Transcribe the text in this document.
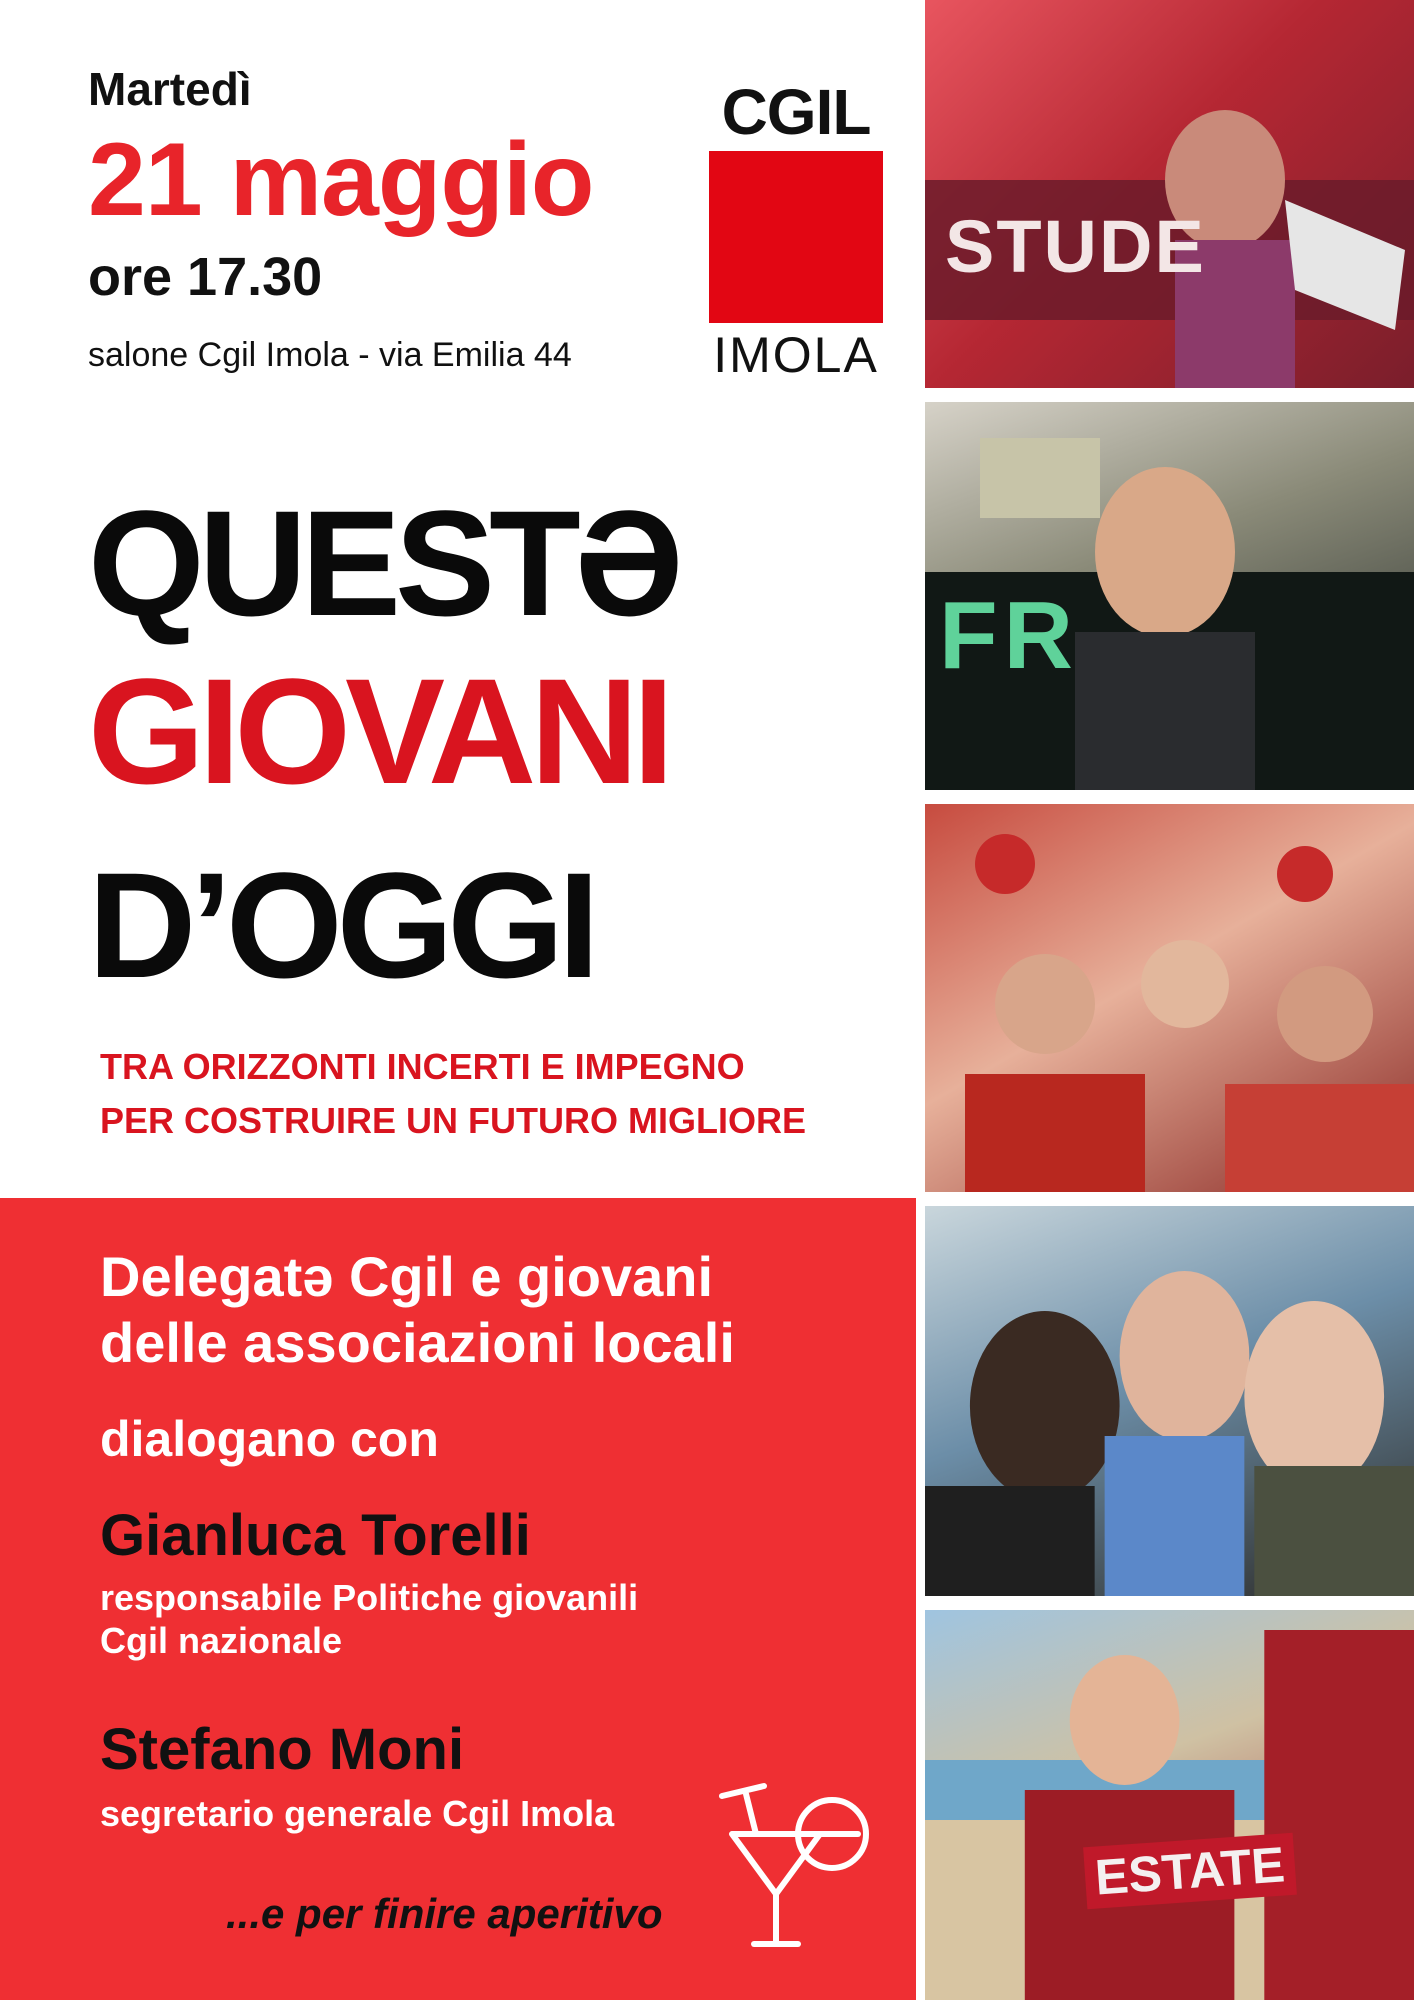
Martedì
21 maggio
ore 17.30
salone Cgil Imola - via Emilia 44
CGIL
IMOLA
QUESTƏ
GIOVANI
D’OGGI
TRA ORIZZONTI INCERTI E IMPEGNO
PER COSTRUIRE UN FUTURO MIGLIORE
Delegatə Cgil e giovani
delle associazioni locali
dialogano con
Gianluca Torelli
responsabile Politiche giovanili
Cgil nazionale
Stefano Moni
segretario generale Cgil Imola
...e per finire aperitivo
STUDE
FR
ESTATE
